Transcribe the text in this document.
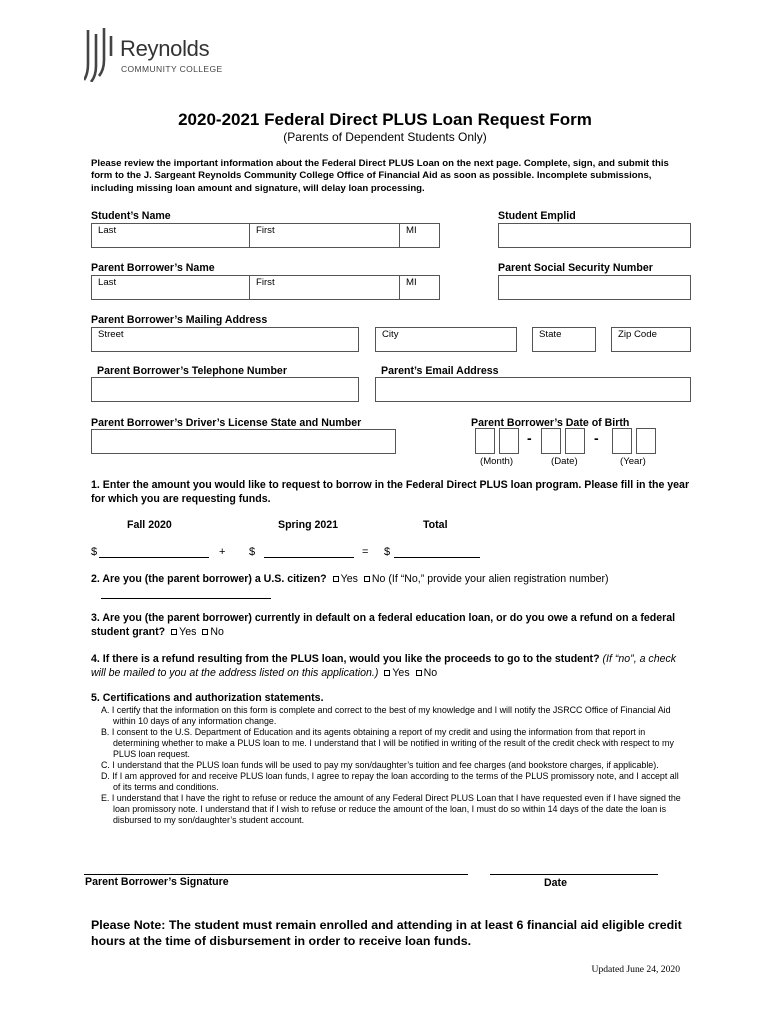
Reynolds
COMMUNITY COLLEGE
2020-2021 Federal Direct PLUS Loan Request Form
(Parents of Dependent Students Only)
Please review the important information about the Federal Direct PLUS Loan on the next page. Complete, sign, and submit this form to the J. Sargeant Reynolds Community College Office of Financial Aid as soon as possible. Incomplete submissions, including missing loan amount and signature, will delay loan processing.
Student’s Name
Last	First	MI
Student Emplid
Parent Borrower’s Name
Last	First	MI
Parent Social Security Number
Parent Borrower’s Mailing Address
Street	City	State	Zip Code
Parent Borrower’s Telephone Number	Parent’s Email Address
Parent Borrower’s Driver’s License State and Number	Parent Borrower’s Date of Birth
-	-
(Month)	(Date)	(Year)
1. Enter the amount you would like to request to borrow in the Federal Direct PLUS loan program. Please fill in the year for which you are requesting funds.
Fall 2020	Spring 2021	Total
$	+ $	= $
2. Are you (the parent borrower) a U.S. citizen? Yes No (If “No,” provide your alien registration number)
3. Are you (the parent borrower) currently in default on a federal education loan, or do you owe a refund on a federal student grant? Yes No
4. If there is a refund resulting from the PLUS loan, would you like the proceeds to go to the student? (If “no”, a check will be mailed to you at the address listed on this application.) Yes No
5. Certifications and authorization statements.
A. I certify that the information on this form is complete and correct to the best of my knowledge and I will notify the JSRCC Office of Financial Aid within 10 days of any information change.
B. I consent to the U.S. Department of Education and its agents obtaining a report of my credit and using the information from that report in determining whether to make a PLUS loan to me. I understand that I will be notified in writing of the result of the credit check with respect to my PLUS loan request.
C. I understand that the PLUS loan funds will be used to pay my son/daughter’s tuition and fee charges (and bookstore charges, if applicable).
D. If I am approved for and receive PLUS loan funds, I agree to repay the loan according to the terms of the PLUS promissory note, and I accept all of its terms and conditions.
E. I understand that I have the right to refuse or reduce the amount of any Federal Direct PLUS Loan that I have requested even if I have signed the loan promissory note. I understand that if I wish to refuse or reduce the amount of the loan, I must do so within 14 days of the date the loan is disbursed to my son/daughter’s student account.
Parent Borrower’s Signature	Date
Please Note: The student must remain enrolled and attending in at least 6 financial aid eligible credit hours at the time of disbursement in order to receive loan funds.
Updated June 24, 2020
